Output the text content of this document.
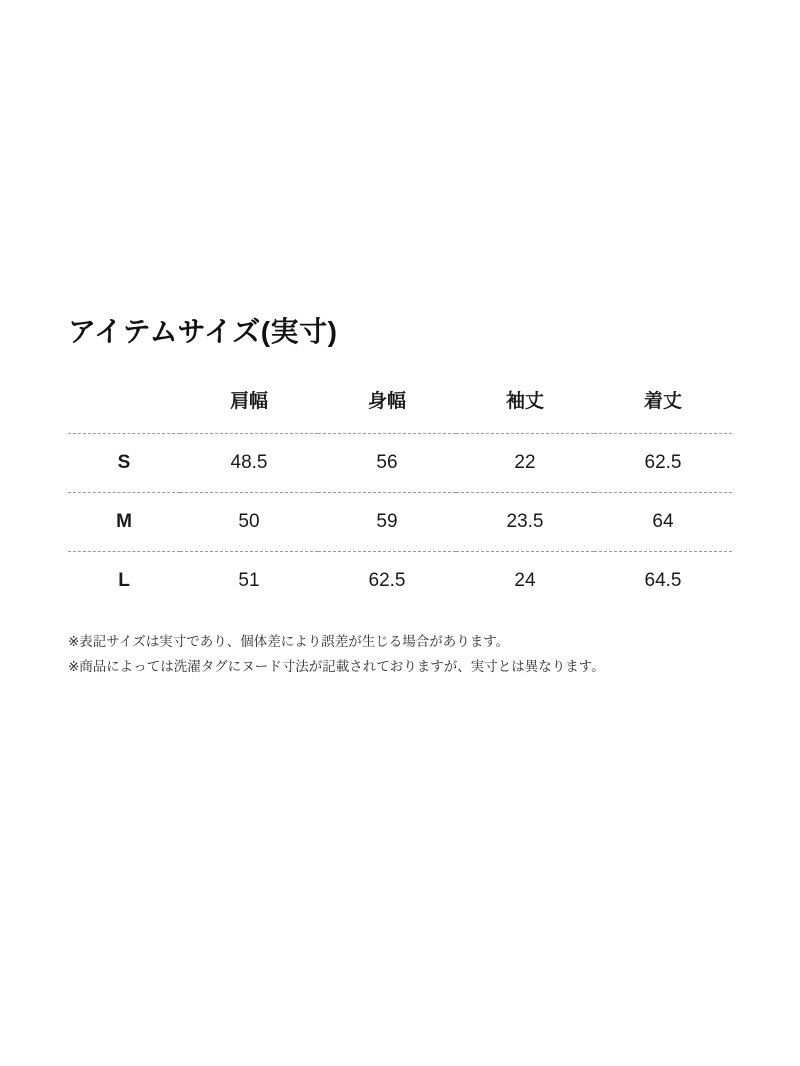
アイテムサイズ(実寸)
	肩幅	身幅	袖丈	着丈
S	48.5	56	22	62.5
M	50	59	23.5	64
L	51	62.5	24	64.5

※表記サイズは実寸であり、個体差により誤差が生じる場合があります。

※商品によっては洗濯タグにヌード寸法が記載されておりますが、実寸とは異なります。
